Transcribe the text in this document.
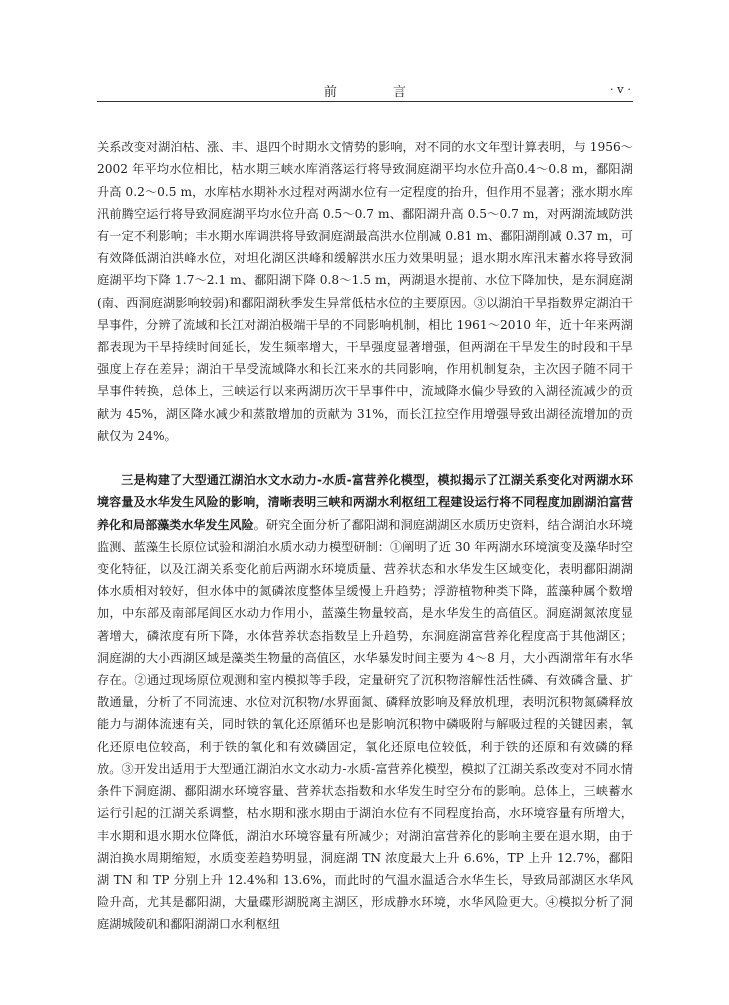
前 言	· v ·

关系改变对湖泊枯、涨、丰、退四个时期水文情势的影响，对不同的水文年型计算表明，与 1956～2002 年平均水位相比，枯水期三峡水库消落运行将导致洞庭湖平均水位升高0.4～0.8 m，鄱阳湖升高 0.2～0.5 m，水库枯水期补水过程对两湖水位有一定程度的抬升，但作用不显著；涨水期水库汛前腾空运行将导致洞庭湖平均水位升高 0.5～0.7 m、鄱阳湖升高 0.5～0.7 m，对两湖流域防洪有一定不利影响；丰水期水库调洪将导致洞庭湖最高洪水位削减 0.81 m、鄱阳湖削减 0.37 m，可有效降低湖泊洪峰水位，对坦化湖区洪峰和缓解洪水压力效果明显；退水期水库汛末蓄水将导致洞庭湖平均下降 1.7～2.1 m、鄱阳湖下降 0.8～1.5 m，两湖退水提前、水位下降加快，是东洞庭湖(南、西洞庭湖影响较弱)和鄱阳湖秋季发生异常低枯水位的主要原因。③以湖泊干旱指数界定湖泊干旱事件，分辨了流域和长江对湖泊极端干旱的不同影响机制，相比 1961～2010 年，近十年来两湖都表现为干旱持续时间延长，发生频率增大，干旱强度显著增强，但两湖在干旱发生的时段和干旱强度上存在差异；湖泊干旱受流域降水和长江来水的共同影响，作用机制复杂，主次因子随不同干旱事件转换，总体上，三峡运行以来两湖历次干旱事件中，流域降水偏少导致的入湖径流减少的贡献为 45%，湖区降水减少和蒸散增加的贡献为 31%，而长江拉空作用增强导致出湖径流增加的贡献仅为 24%。

三是构建了大型通江湖泊水文水动力-水质-富营养化模型，模拟揭示了江湖关系变化对两湖水环境容量及水华发生风险的影响，清晰表明三峡和两湖水利枢纽工程建设运行将不同程度加剧湖泊富营养化和局部藻类水华发生风险。研究全面分析了鄱阳湖和洞庭湖湖区水质历史资料，结合湖泊水环境监测、蓝藻生长原位试验和湖泊水质水动力模型研制：①阐明了近 30 年两湖水环境演变及藻华时空变化特征，以及江湖关系变化前后两湖水环境质量、营养状态和水华发生区域变化，表明鄱阳湖湖体水质相对较好，但水体中的氮磷浓度整体呈缓慢上升趋势；浮游植物种类下降，蓝藻种属个数增加，中东部及南部尾闾区水动力作用小，蓝藻生物量较高，是水华发生的高值区。洞庭湖氮浓度显著增大，磷浓度有所下降，水体营养状态指数呈上升趋势，东洞庭湖富营养化程度高于其他湖区；洞庭湖的大小西湖区域是藻类生物量的高值区，水华暴发时间主要为 4～8 月，大小西湖常年有水华存在。②通过现场原位观测和室内模拟等手段，定量研究了沉积物溶解性活性磷、有效磷含量、扩散通量，分析了不同流速、水位对沉积物/水界面氮、磷释放影响及释放机理，表明沉积物氮磷释放能力与湖体流速有关，同时铁的氧化还原循环也是影响沉积物中磷吸附与解吸过程的关键因素，氧化还原电位较高，利于铁的氧化和有效磷固定，氧化还原电位较低，利于铁的还原和有效磷的释放。③开发出适用于大型通江湖泊水文水动力-水质-富营养化模型，模拟了江湖关系改变对不同水情条件下洞庭湖、鄱阳湖水环境容量、营养状态指数和水华发生时空分布的影响。总体上，三峡蓄水运行引起的江湖关系调整，枯水期和涨水期由于湖泊水位有不同程度抬高，水环境容量有所增大，丰水期和退水期水位降低，湖泊水环境容量有所减少；对湖泊富营养化的影响主要在退水期，由于湖泊换水周期缩短，水质变差趋势明显，洞庭湖 TN 浓度最大上升 6.6%，TP 上升 12.7%，鄱阳湖 TN 和 TP 分别上升 12.4%和 13.6%，而此时的气温水温适合水华生长，导致局部湖区水华风险升高，尤其是鄱阳湖，大量碟形湖脱离主湖区，形成静水环境，水华风险更大。④模拟分析了洞庭湖城陵矶和鄱阳湖湖口水利枢纽
